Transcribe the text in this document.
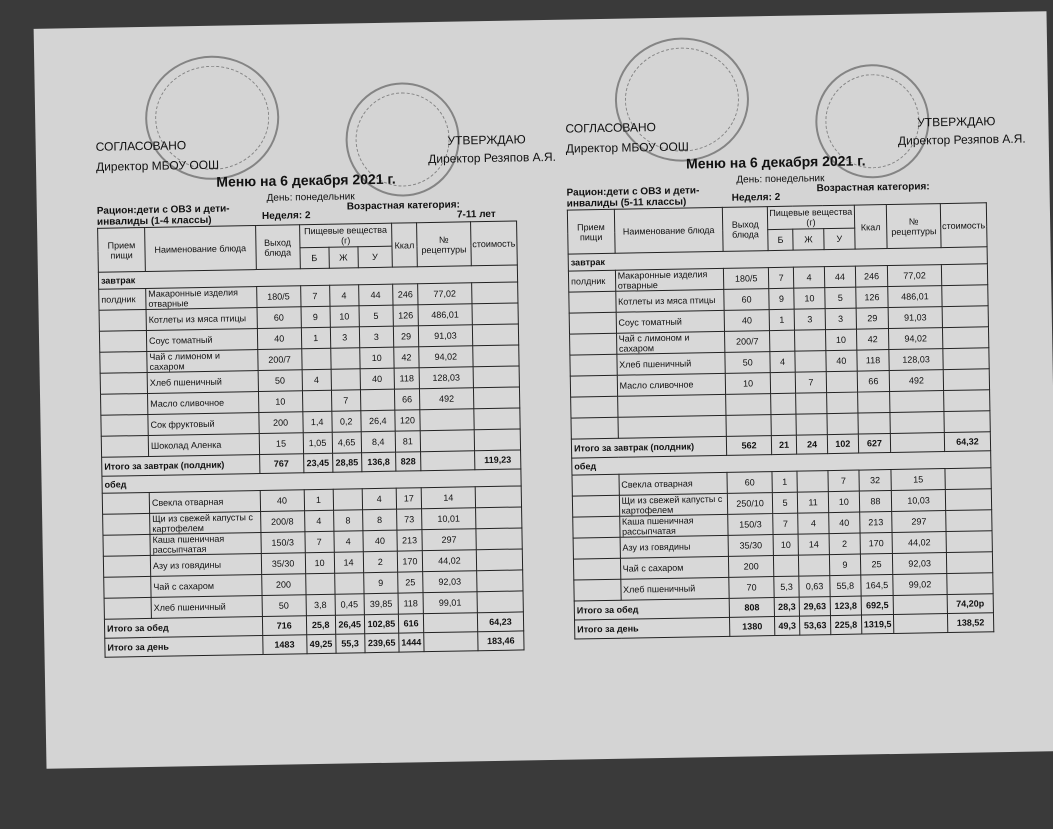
СОГЛАСОВАНО
Директор МБОУ ООШ
УТВЕРЖДАЮ
Директор Резяпов А.Я.
Меню на 6 декабря 2021 г.
Рацион:дети с ОВЗ и дети-инвалиды (1-4 классы)
Возрастная категория:
День: понедельник
Неделя: 2	7-11 лет
Прием пищи	Наименование блюда	Выход блюда	Пищевые вещества (г)			Ккал	№ рецептуры	стоимость
			Б	Ж	У			
завтрак								
полдник	Макаронные изделия отварные	180/5	7	4	44	246	77,02	
	Котлеты из мяса птицы	60	9	10	5	126	486,01	
	Соус томатный	40	1	3	3	29	91,03	
	Чай с лимоном и сахаром	200/7			10	42	94,02	
	Хлеб пшеничный	50	4		40	118	128,03	
	Масло сливочное	10		7		66	492	
	Сок фруктовый	200	1,4	0,2	26,4	120		
	Шоколад Аленка	15	1,05	4,65	8,4	81		
Итого за завтрак (полдник)		767	23,45	28,85	136,8	828		119,23
обед								
	Свекла отварная	40	1		4	17	14	
	Щи из свежей капусты с картофелем	200/8	4	8	8	73	10,01	
	Каша пшеничная рассыпчатая	150/3	7	4	40	213	297	
	Азу из говядины	35/30	10	14	2	170	44,02	
	Чай с сахаром	200			9	25	92,03	
	Хлеб пшеничный	50	3,8	0,45	39,85	118	99,01	
Итого за обед		716	25,8	26,45	102,85	616		64,23
Итого за день		1483	49,25	55,3	239,65	1444		183,46
СОГЛАСОВАНО
Директор МБОУ ООШ
УТВЕРЖДАЮ
Директор Резяпов А.Я.
Меню на 6 декабря 2021 г.
Рацион:дети с ОВЗ и дети-инвалиды (5-11 классы)
Возрастная категория:
День: понедельник
Неделя: 2
Прием пищи	Наименование блюда	Выход блюда	Пищевые вещества (г)			Ккал	№ рецептуры	стоимость
			Б	Ж	У			
завтрак								
полдник	Макаронные изделия отварные	180/5	7	4	44	246	77,02	
	Котлеты из мяса птицы	60	9	10	5	126	486,01	
	Соус томатный	40	1	3	3	29	91,03	
	Чай с лимоном и сахаром	200/7			10	42	94,02	
	Хлеб пшеничный	50	4		40	118	128,03	
	Масло сливочное	10		7		66	492	

Итого за завтрак (полдник)		562	21	24	102	627		64,32
обед								
	Свекла отварная	60	1		7	32	15	
	Щи из свежей капусты с картофелем	250/10	5	11	10	88	10,03	
	Каша пшеничная рассыпчатая	150/3	7	4	40	213	297	
	Азу из говядины	35/30	10	14	2	170	44,02	
	Чай с сахаром	200			9	25	92,03	
	Хлеб пшеничный	70	5,3	0,63	55,8	164,5	99,02	
Итого за обед		808	28,3	29,63	123,8	692,5		74,20р
Итого за день		1380	49,3	53,63	225,8	1319,5		138,52
